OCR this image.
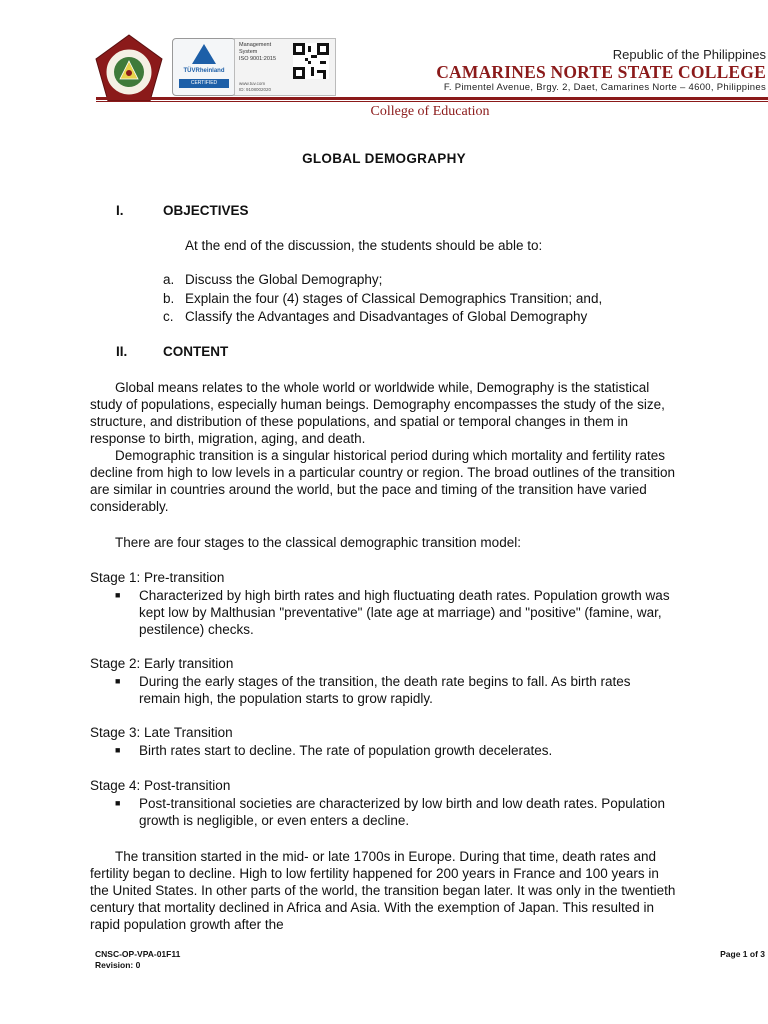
TÜVRheinland
CERTIFIED
Management
System
ISO 9001:2015
www.tuv.com
ID: 9108002020
Republic of the Philippines
CAMARINES NORTE STATE COLLEGE
F. Pimentel Avenue, Brgy. 2, Daet, Camarines Norte – 4600, Philippines
College of Education
GLOBAL DEMOGRAPHY
I.	OBJECTIVES
At the end of the discussion, the students should be able to:
a. Discuss the Global Demography;
b. Explain the four (4) stages of Classical Demographics Transition; and,
c. Classify the Advantages and Disadvantages of Global Demography
II.	CONTENT

Global means relates to the whole world or worldwide while, Demography is the statistical study of populations, especially human beings. Demography encompasses the study of the size, structure, and distribution of these populations, and spatial or temporal changes in them in response to birth, migration, aging, and death.

Demographic transition is a singular historical period during which mortality and fertility rates decline from high to low levels in a particular country or region. The broad outlines of the transition are similar in countries around the world, but the pace and timing of the transition have varied considerably.

There are four stages to the classical demographic transition model:

Stage 1: Pre-transition
■ Characterized by high birth rates and high fluctuating death rates. Population growth was kept low by Malthusian "preventative" (late age at marriage) and "positive" (famine, war, pestilence) checks.
Stage 2: Early transition
■ During the early stages of the transition, the death rate begins to fall. As birth rates remain high, the population starts to grow rapidly.
Stage 3: Late Transition
■ Birth rates start to decline. The rate of population growth decelerates.
Stage 4: Post-transition
■ Post-transitional societies are characterized by low birth and low death rates. Population growth is negligible, or even enters a decline.

The transition started in the mid- or late 1700s in Europe. During that time, death rates and fertility began to decline. High to low fertility happened for 200 years in France and 100 years in the United States. In other parts of the world, the transition began later. It was only in the twentieth century that mortality declined in Africa and Asia. With the exemption of Japan. This resulted in rapid population growth after the

CNSC-OP-VPA-01F11
Revision: 0
Page 1 of 3
